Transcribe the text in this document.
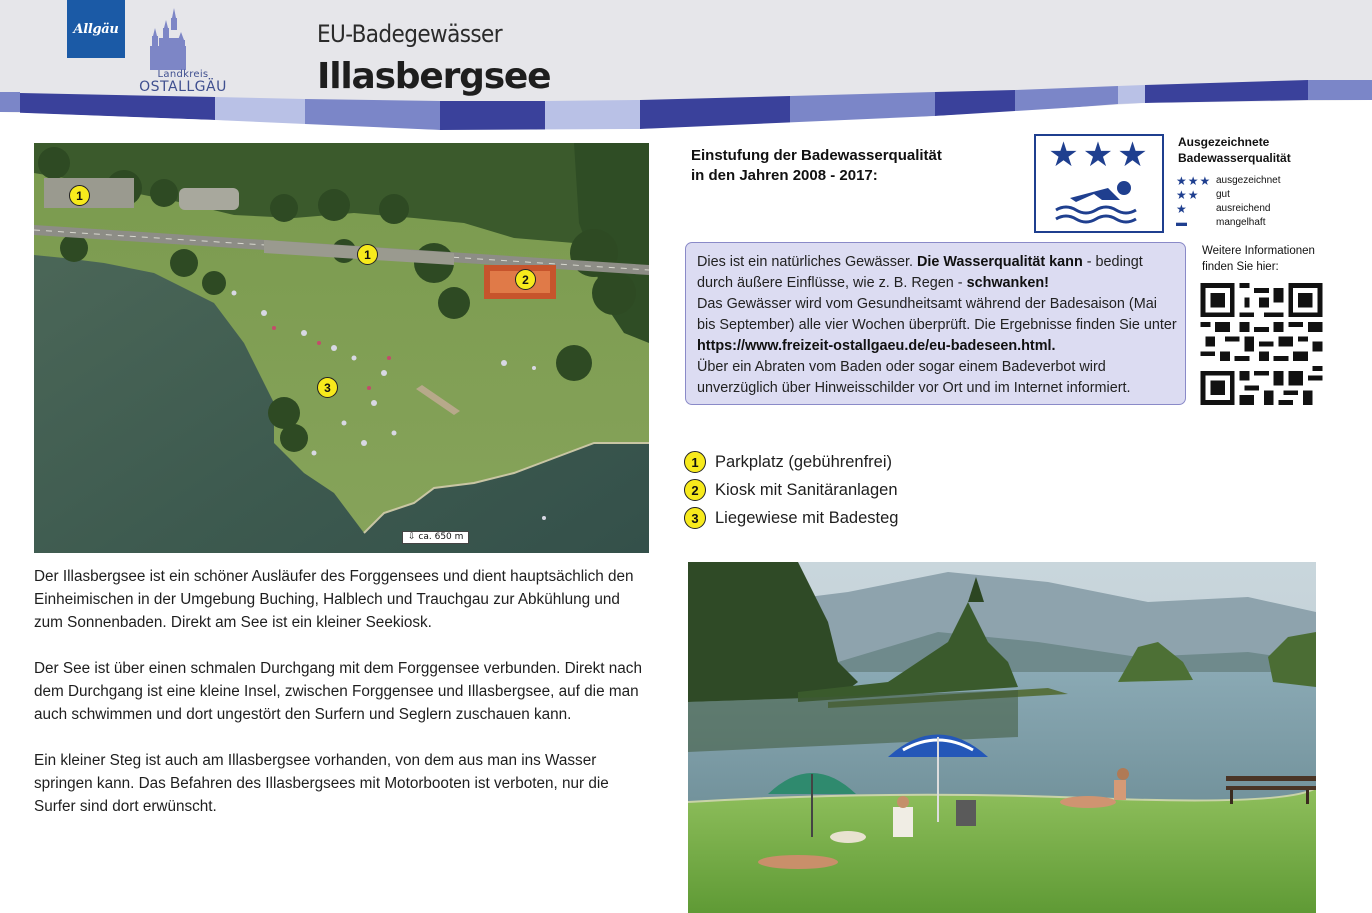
Allgäu
Landkreis
OSTALLGÄU
EU-Badegewässer
Illasbergsee
1
1
2
3
⇩ ca. 650 m

Der Illasbergsee ist ein schöner Ausläufer des Forggensees und dient hauptsächlich den Einheimischen in der Umgebung Buching, Halblech und Trauchgau zur Abkühlung und zum Sonnenbaden. Direkt am See ist ein kleiner Seekiosk.

Der See ist über einen schmalen Durchgang mit dem Forggensee verbunden. Direkt nach dem Durchgang ist eine kleine Insel, zwischen Forggensee und Illasbergsee, auf die man auch schwimmen und dort ungestört den Surfern und Seglern zuschauen kann.

Ein kleiner Steg ist auch am Illasbergsee vorhanden, von dem aus man ins Wasser springen kann. Das Befahren des Illasbergsees mit Motorbooten ist verboten, nur die Surfer sind dort erwünscht.

Einstufung der Badewasserqualität
in den Jahren 2008 - 2017:
★★★	Ausgezeichnete
Badewasserqualität
★★★ ausgezeichnet
★★ gut
★	ausreichend
▬	mangelhaft
Dies ist ein natürliches Gewässer. Die Wasserqualität kann - bedingt durch äußere Einflüsse, wie z. B. Regen - schwanken!
Das Gewässer wird vom Gesundheitsamt während der Badesaison (Mai bis September) alle vier Wochen überprüft. Die Ergebnisse finden Sie unter https://www.freizeit-ostallgaeu.de/eu-badeseen.html.
Über ein Abraten vom Baden oder sogar einem Badeverbot wird unverzüglich über Hinweisschilder vor Ort und im Internet informiert.
Weitere Informationen
finden Sie hier:
1 Parkplatz (gebührenfrei)
2 Kiosk mit Sanitäranlagen
3 Liegewiese mit Badesteg
